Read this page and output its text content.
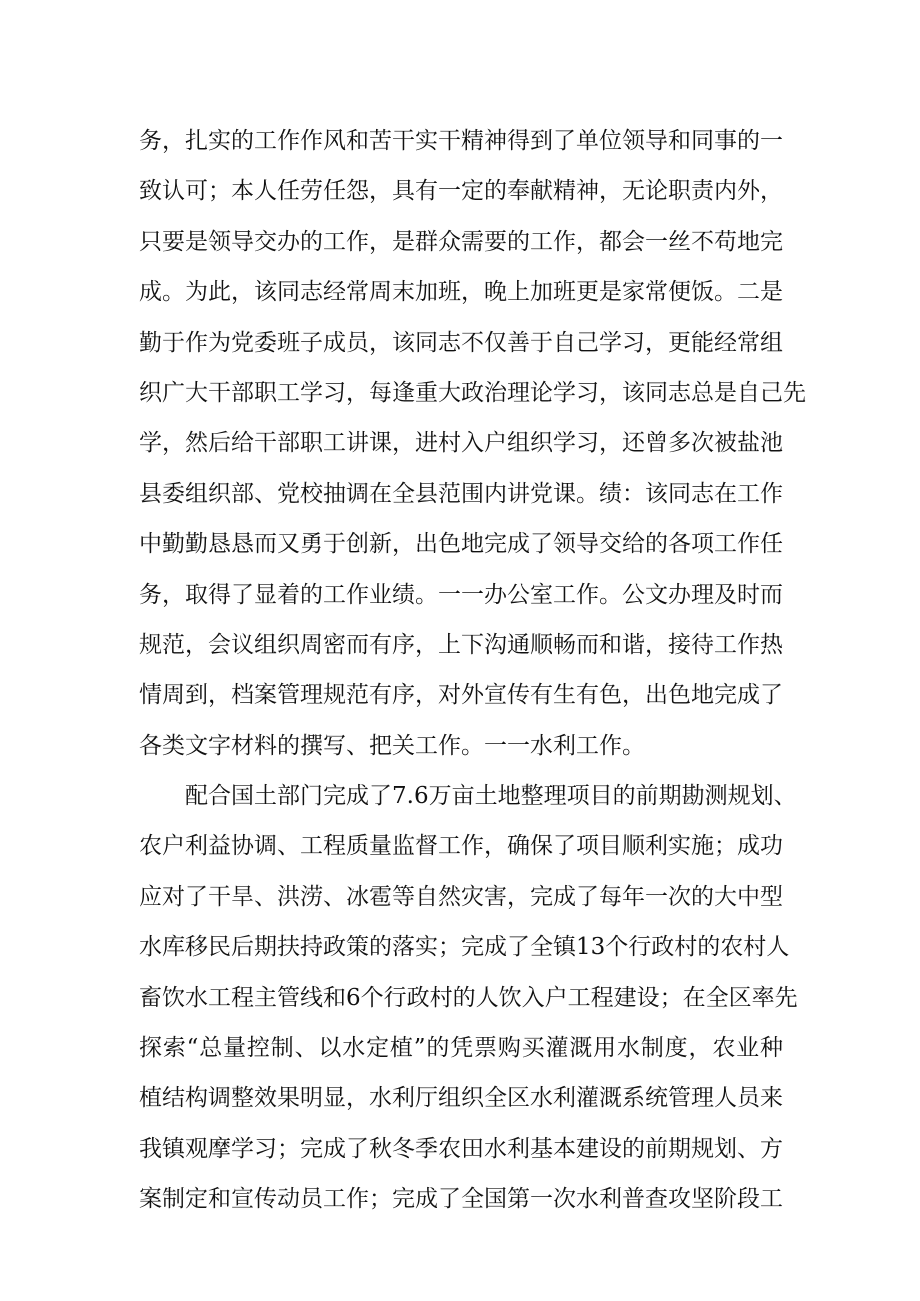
务，扎实的工作作风和苦干实干精神得到了单位领导和同事的一
致认可；本人任劳任怨，具有一定的奉献精神，无论职责内外，
只要是领导交办的工作，是群众需要的工作，都会一丝不苟地完
成。为此，该同志经常周末加班，晚上加班更是家常便饭。二是
勤于作为党委班子成员，该同志不仅善于自己学习，更能经常组
织广大干部职工学习，每逢重大政治理论学习，该同志总是自己先
学，然后给干部职工讲课，进村入户组织学习，还曾多次被盐池
县委组织部、党校抽调在全县范围内讲党课。绩：该同志在工作
中勤勤恳恳而又勇于创新，出色地完成了领导交给的各项工作任
务，取得了显着的工作业绩。一一办公室工作。公文办理及时而
规范，会议组织周密而有序，上下沟通顺畅而和谐，接待工作热
情周到，档案管理规范有序，对外宣传有生有色，出色地完成了
各类文字材料的撰写、把关工作。一一水利工作。
配合国土部门完成了7.6万亩土地整理项目的前期勘测规划、
农户利益协调、工程质量监督工作，确保了项目顺利实施；成功
应对了干旱、洪涝、冰雹等自然灾害，完成了每年一次的大中型
水库移民后期扶持政策的落实；完成了全镇13个行政村的农村人
畜饮水工程主管线和6个行政村的人饮入户工程建设；在全区率先
探索“总量控制、以水定植”的凭票购买灌溉用水制度，农业种
植结构调整效果明显，水利厅组织全区水利灌溉系统管理人员来
我镇观摩学习；完成了秋冬季农田水利基本建设的前期规划、方
案制定和宣传动员工作；完成了全国第一次水利普查攻坚阶段工
